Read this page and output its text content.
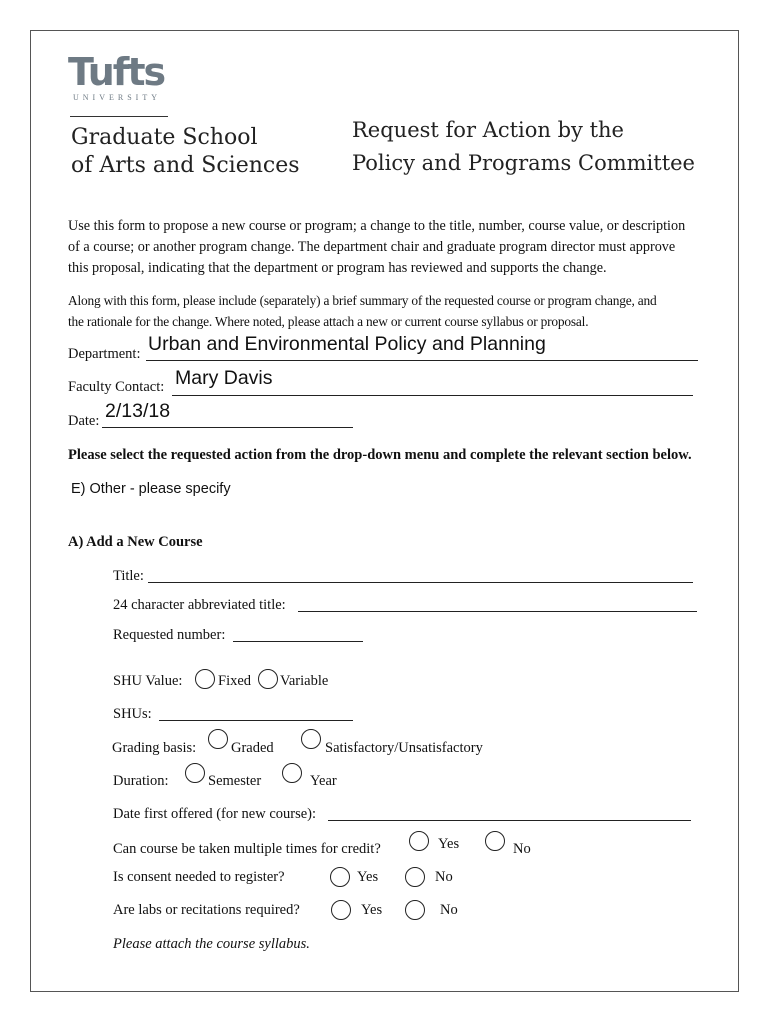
Tufts
UNIVERSITY
Graduate School
of Arts and Sciences
Request for Action by the
Policy and Programs Committee
Use this form to propose a new course or program; a change to the title, number, course value, or description
of a course; or another program change. The department chair and graduate program director must approve
this proposal, indicating that the department or program has reviewed and supports the change.
Along with this form, please include (separately) a brief summary of the requested course or program change, and
the rationale for the change. Where noted, please attach a new or current course syllabus or proposal.
Department: Urban and Environmental Policy and Planning
Faculty Contact: Mary Davis
Date: 2/13/18
Please select the requested action from the drop-down menu and complete the relevant section below.
E) Other - please specify
A) Add a New Course
Title:
24 character abbreviated title:
Requested number:
SHU Value: Fixed Variable
SHUs:
Grading basis: Graded	Satisfactory/Unsatisfactory
Duration:	Semester	Year
Date first offered (for new course):
Can course be taken multiple times for credit?	Yes	No
Is consent needed to register?	Yes	No
Are labs or recitations required?	Yes	No
Please attach the course syllabus.
